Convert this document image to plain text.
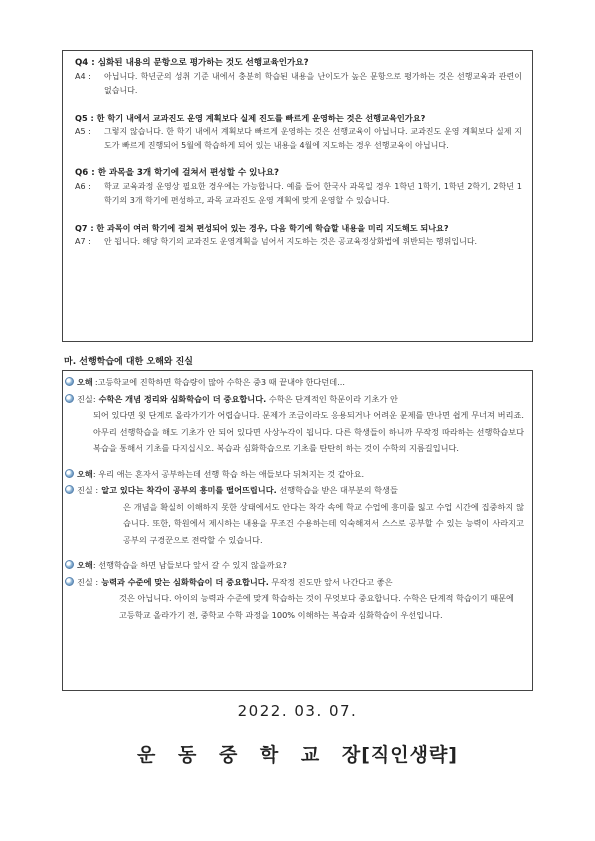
Q4 : 심화된 내용의 문항으로 평가하는 것도 선행교육인가요?
A4 :	아닙니다. 학년군의 성취 기준 내에서 충분히 학습된 내용을 난이도가 높은 문항으로 평가하는 것은 선행교육과 관련이 없습니다.
Q5 : 한 학기 내에서 교과진도 운영 계획보다 실제 진도를 빠르게 운영하는 것은 선행교육인가요?
A5 :	그렇지 않습니다. 한 학기 내에서 계획보다 빠르게 운영하는 것은 선행교육이 아닙니다. 교과진도 운영 계획보다 실제 지도가 빠르게 진행되어 5월에 학습하게 되어 있는 내용을 4월에 지도하는 경우 선행교육이 아닙니다.
Q6 : 한 과목을 3개 학기에 걸쳐서 편성할 수 있나요?
A6 :	학교 교육과정 운영상 필요한 경우에는 가능합니다. 예를 들어 한국사 과목일 경우 1학년 1학기, 1학년 2학기, 2학년 1학기의 3개 학기에 편성하고, 과목 교과진도 운영 계획에 맞게 운영할 수 있습니다.
Q7 : 한 과목이 여러 학기에 걸쳐 편성되어 있는 경우, 다음 학기에 학습할 내용을 미리 지도해도 되나요?
A7 :	안 됩니다. 해당 학기의 교과진도 운영계획을 넘어서 지도하는 것은 공교육정상화법에 위반되는 행위입니다.
마. 선행학습에 대한 오해와 진실
오해 :고등학교에 진학하면 학습량이 많아 수학은 중3 때 끝내야 한다던데...
진실: 수학은 개념 정리와 심화학습이 더 중요합니다. 수학은 단계적인 학문이라 기초가 안
되어 있다면 윗 단계로 올라가기가 어렵습니다. 문제가 조금이라도 응용되거나 어려운 문제를 만나면 쉽게 무너져 버리죠. 아무리 선행학습을 해도 기초가 안 되어 있다면 사상누각이 됩니다. 다른 학생들이 하니까 무작정 따라하는 선행학습보다 복습을 통해서 기초를 다지십시오. 복습과 심화학습으로 기초를 탄탄히 하는 것이 수학의 지름길입니다.
오해 : 우리 애는 혼자서 공부하는데 선행 학습 하는 애들보다 뒤쳐지는 것 같아요.
진실 : 알고 있다는 착각이 공부의 흥미를 떨어뜨립니다. 선행학습을 받은 대부분의 학생들
은 개념을 확실히 이해하지 못한 상태에서도 안다는 착각 속에 학교 수업에 흥미를 잃고 수업 시간에 집중하지 않습니다. 또한, 학원에서 제시하는 내용을 무조건 수용하는데 익숙해져서 스스로 공부할 수 있는 능력이 사라지고 공부의 구경꾼으로 전락할 수 있습니다.
오해 : 선행학습을 하면 남들보다 앞서 갈 수 있지 않을까요?
진실 : 능력과 수준에 맞는 심화학습이 더 중요합니다. 무작정 진도만 앞서 나간다고 좋은
것은 아닙니다. 아이의 능력과 수준에 맞게 학습하는 것이 무엇보다 중요합니다. 수학은 단계적 학습이기 때문에 고등학교 올라가기 전, 중학교 수학 과정을 100% 이해하는 복습과 심화학습이 우선입니다.
2022. 03. 07.
운 동 중 학 교 장[직인생략]
